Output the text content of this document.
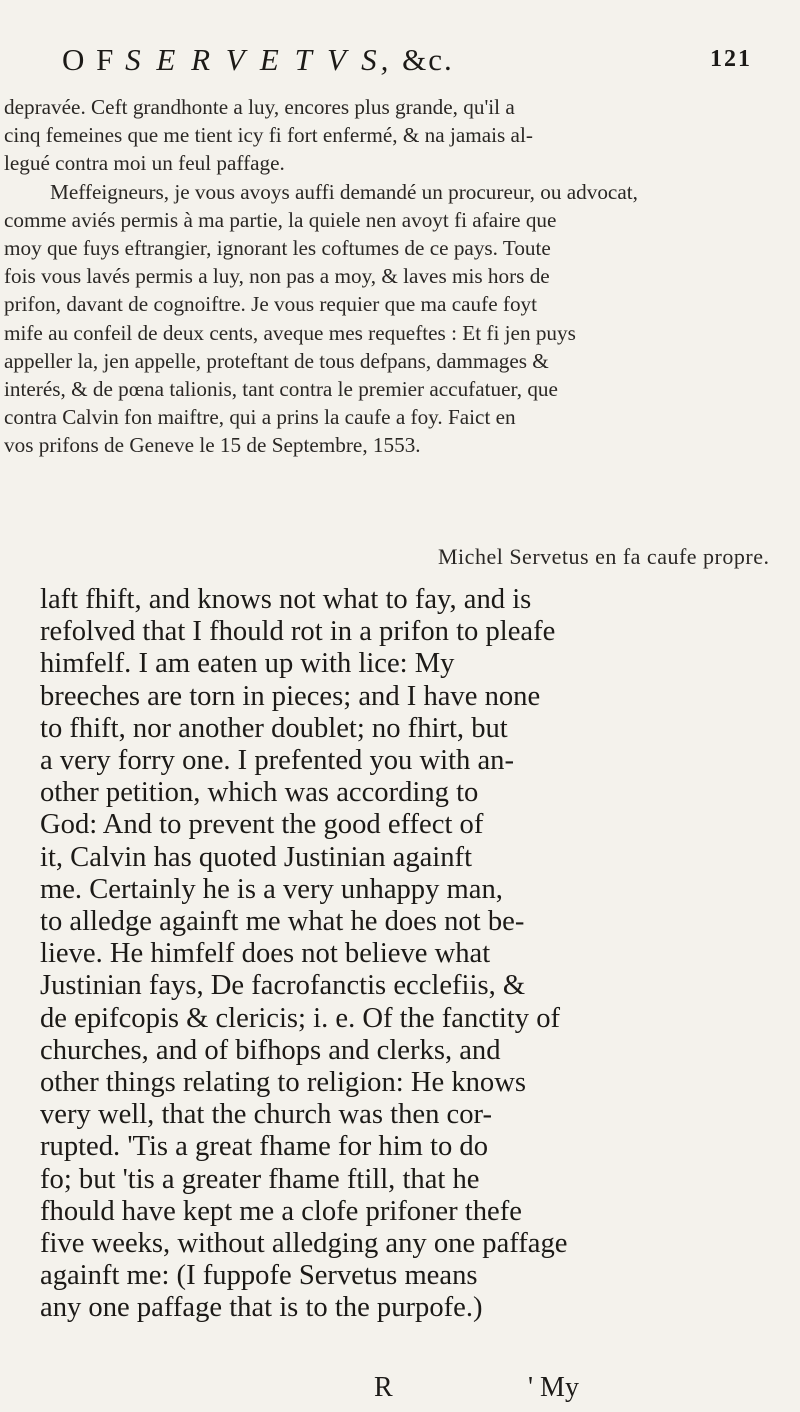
O F S E R V E T V S, &c.	121
depravée. Ceft grandhonte a luy, encores plus grande, qu'il a
cinq femeines que me tient icy fi fort enfermé, & na jamais al-
legué contra moi un feul paffage.
Meffeigneurs, je vous avoys auffi demandé un procureur, ou advocat,
comme aviés permis à ma partie, la quiele nen avoyt fi afaire que
moy que fuys eftrangier, ignorant les coftumes de ce pays. Toute
fois vous lavés permis a luy, non pas a moy, & laves mis hors de
prifon, davant de cognoiftre. Je vous requier que ma caufe foyt
mife au confeil de deux cents, aveque mes requeftes : Et fi jen puys
appeller la, jen appelle, proteftant de tous defpans, dammages &
interés, & de pœna talionis, tant contra le premier accufatuer, que
contra Calvin fon maiftre, qui a prins la caufe a foy. Faict en
vos prifons de Geneve le 15 de Septembre, 1553.
Michel Servetus en fa caufe propre.
laft fhift, and knows not what to fay, and is
refolved that I fhould rot in a prifon to pleafe
himfelf. I am eaten up with lice: My
breeches are torn in pieces; and I have none
to fhift, nor another doublet; no fhirt, but
a very forry one. I prefented you with an-
other petition, which was according to
God: And to prevent the good effect of
it, Calvin has quoted Justinian againft
me. Certainly he is a very unhappy man,
to alledge againft me what he does not be-
lieve. He himfelf does not believe what
Justinian fays, De facrofanctis ecclefiis, &
de epifcopis & clericis; i. e. Of the fanctity of
churches, and of bifhops and clerks, and
other things relating to religion: He knows
very well, that the church was then cor-
rupted. 'Tis a great fhame for him to do
fo; but 'tis a greater fhame ftill, that he
fhould have kept me a clofe prifoner thefe
five weeks, without alledging any one paffage
againft me: (I fuppofe Servetus means
any one paffage that is to the purpofe.)
R	' My
